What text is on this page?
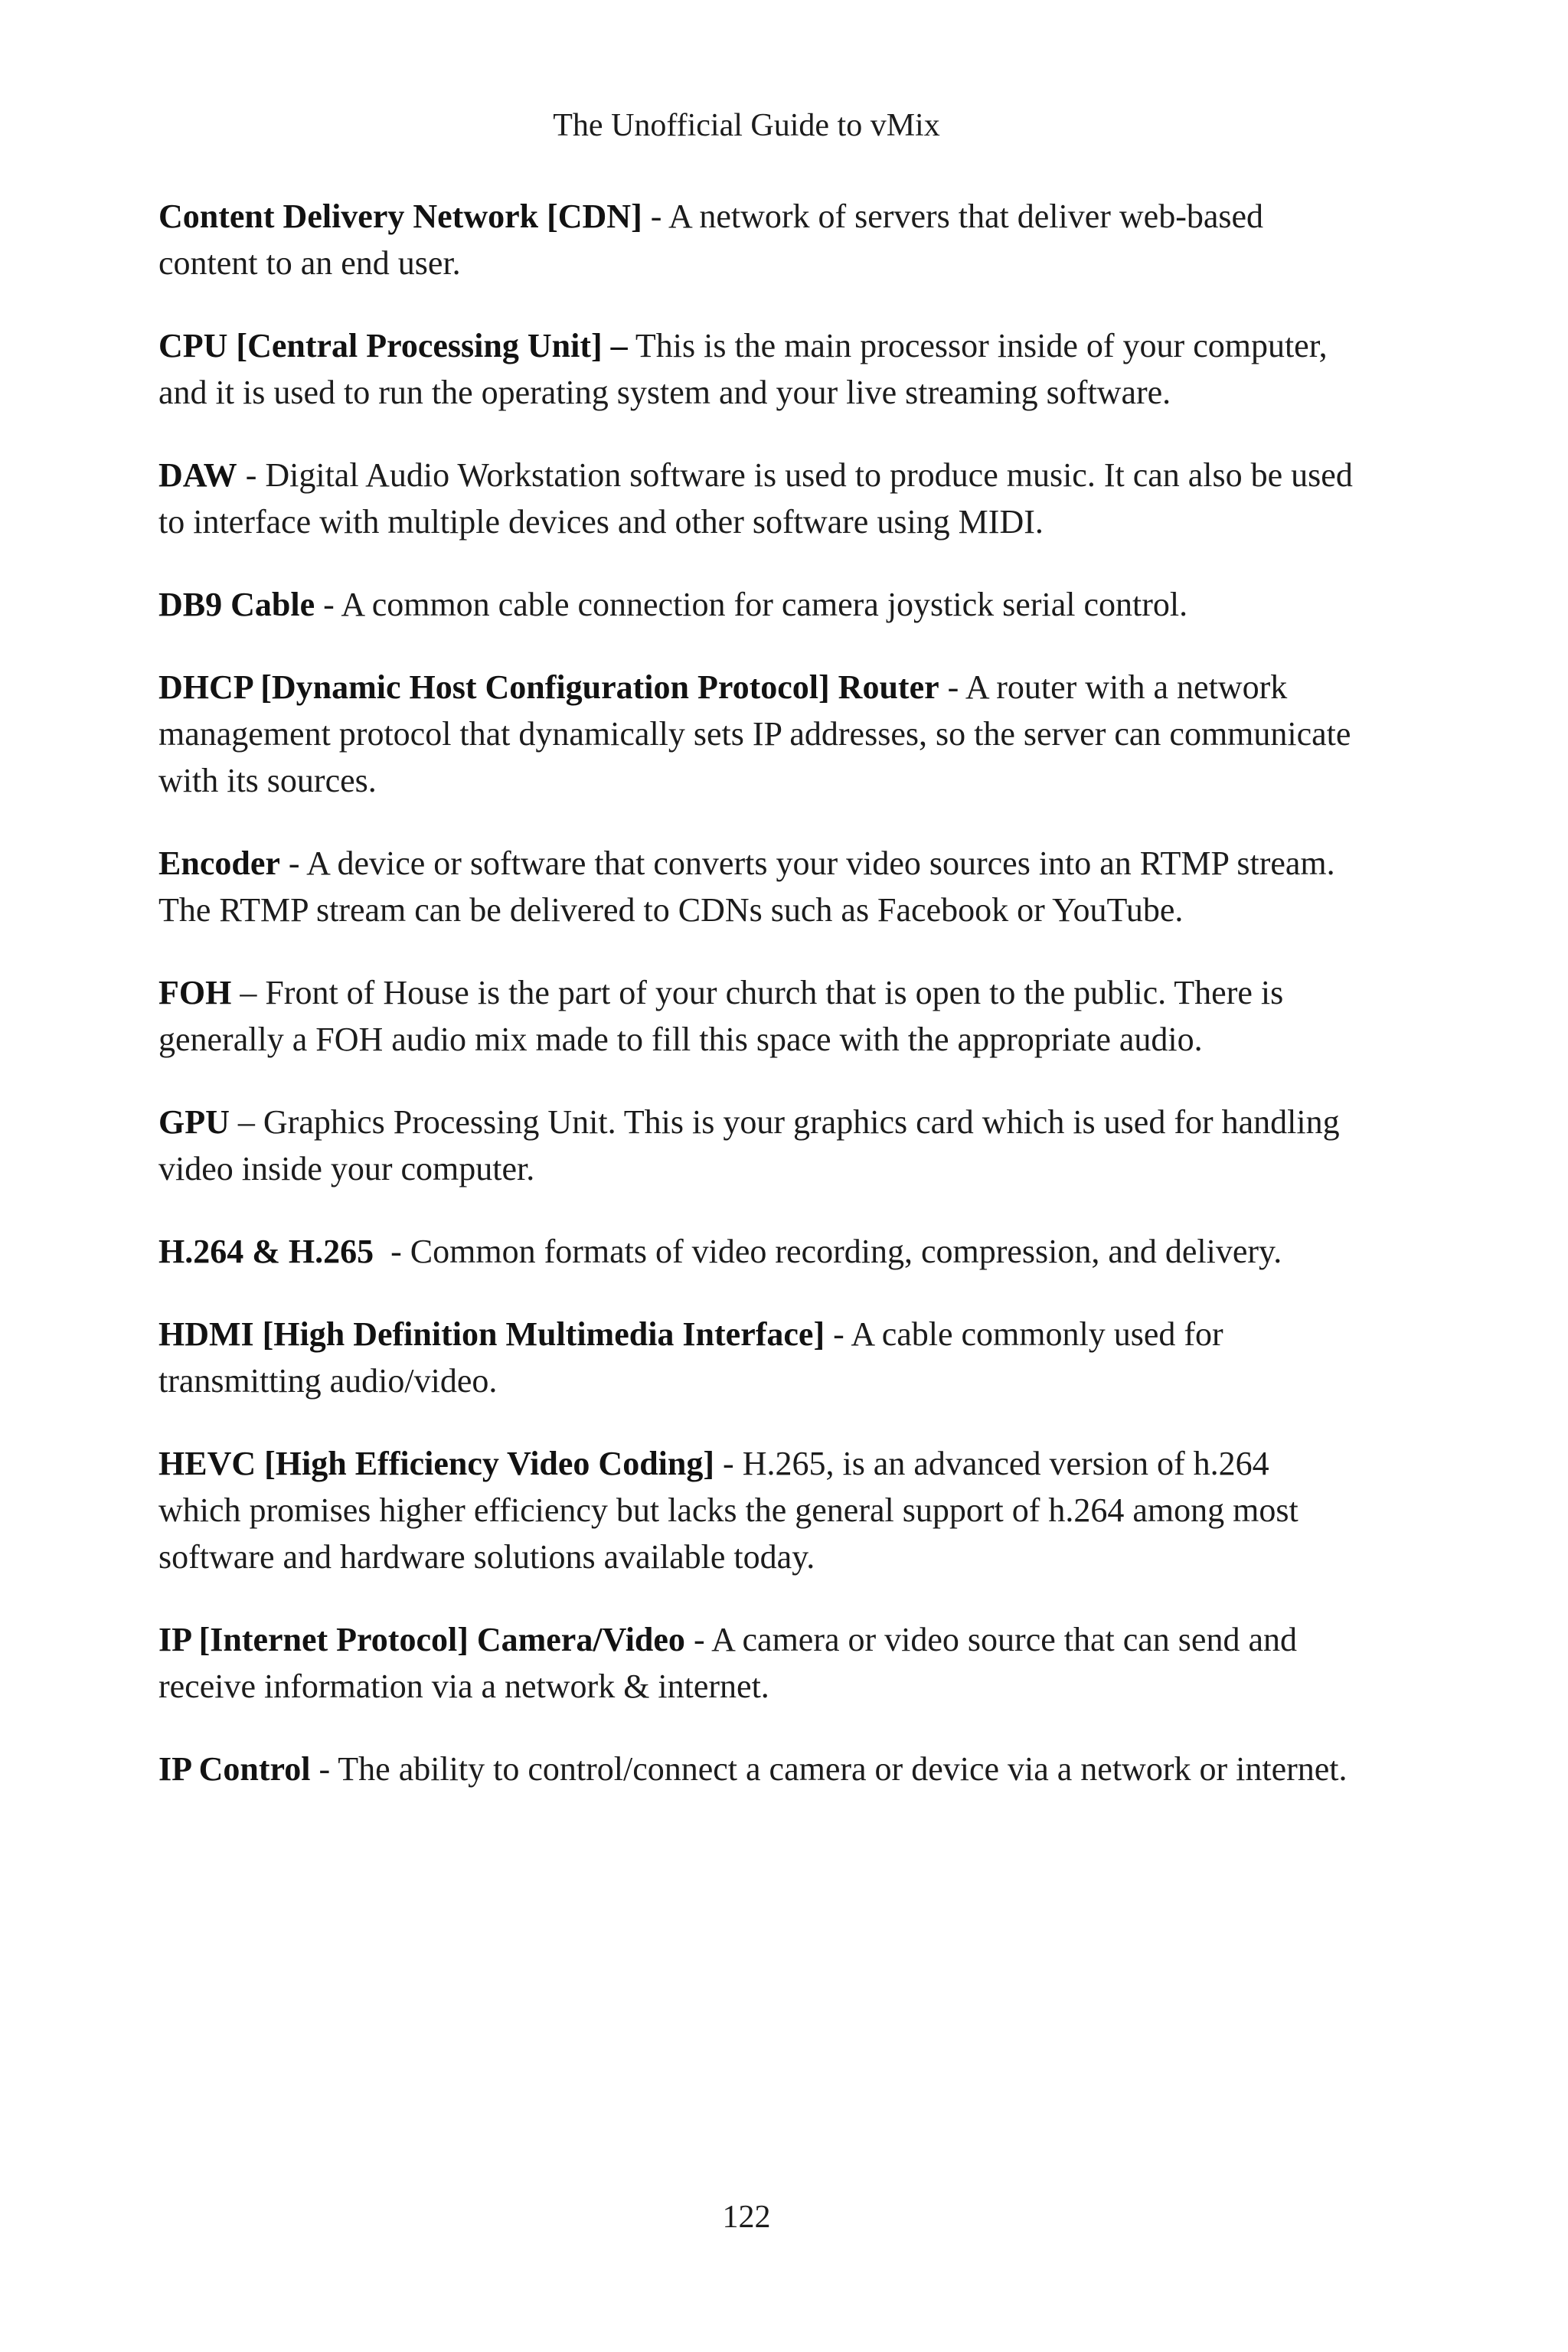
The Unofficial Guide to vMix
Content Delivery Network [CDN] - A network of servers that deliver web-based content to an end user.
CPU [Central Processing Unit] – This is the main processor inside of your computer, and it is used to run the operating system and your live streaming software.
DAW - Digital Audio Workstation software is used to produce music. It can also be used to interface with multiple devices and other software using MIDI.
DB9 Cable - A common cable connection for camera joystick serial control.
DHCP [Dynamic Host Configuration Protocol] Router - A router with a network management protocol that dynamically sets IP addresses, so the server can communicate with its sources.
Encoder - A device or software that converts your video sources into an RTMP stream. The RTMP stream can be delivered to CDNs such as Facebook or YouTube.
FOH – Front of House is the part of your church that is open to the public. There is generally a FOH audio mix made to fill this space with the appropriate audio.
GPU – Graphics Processing Unit. This is your graphics card which is used for handling video inside your computer.
H.264 & H.265  - Common formats of video recording, compression, and delivery.
HDMI [High Definition Multimedia Interface] - A cable commonly used for transmitting audio/video.
HEVC [High Efficiency Video Coding] - H.265, is an advanced version of h.264 which promises higher efficiency but lacks the general support of h.264 among most software and hardware solutions available today.
IP [Internet Protocol] Camera/Video - A camera or video source that can send and receive information via a network & internet.
IP Control - The ability to control/connect a camera or device via a network or internet.
122
